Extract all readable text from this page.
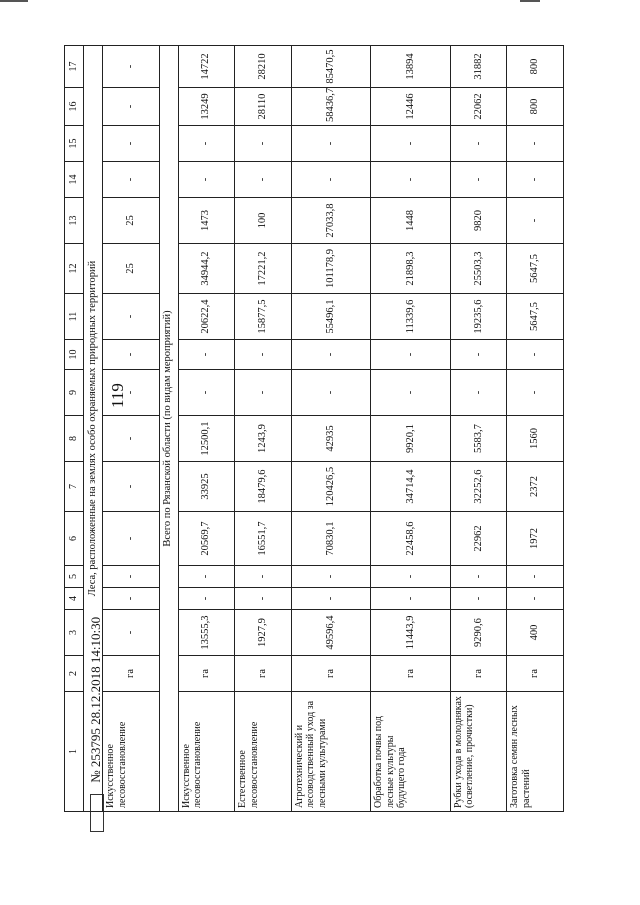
119
№ 253795 28.12.2018 14:10:30
1	2	3	4	5	6	7	8	9	10	11	12	13	14	15	16	17
Леса, расположенные на землях особо охраняемых природных территорий																
Искусственное лесовосстановление	га	-	-	-	-	-	-	-	-	-	25	25	-	-	-	-
Всего по Рязанской области (по видам мероприятий)																
Искусственное лесовосстановление	га	13555,3	-	-	20569,7	33925	12500,1	-	-	20622,4	34944,2	1473	-	-	13249	14722
Естественное лесовосстановление	га	1927,9	-	-	16551,7	18479,6	1243,9	-	-	15877,5	17221,2	100	-	-	28110	28210
Агротехнический и лесоводственный уход за лесными культурами	га	49596,4	-	-	70830,1	120426,5	42935	-	-	55496,1	101178,9	27033,8	-	-	58436,7	85470,5
Обработка почвы под лесные культуры будущего года	га	11443,9	-	-	22458,6	34714,4	9920,1	-	-	11339,6	21898,3	1448	-	-	12446	13894
Рубки ухода в молодняках (осветление, прочистки)	га	9290,6	-	-	22962	32252,6	5583,7	-	-	19235,6	25503,3	9820	-	-	22062	31882
Заготовка семян лесных растений	га	400	-	-	1972	2372	1560	-	-	5647,5	5647,5	-	-	-	800	800
